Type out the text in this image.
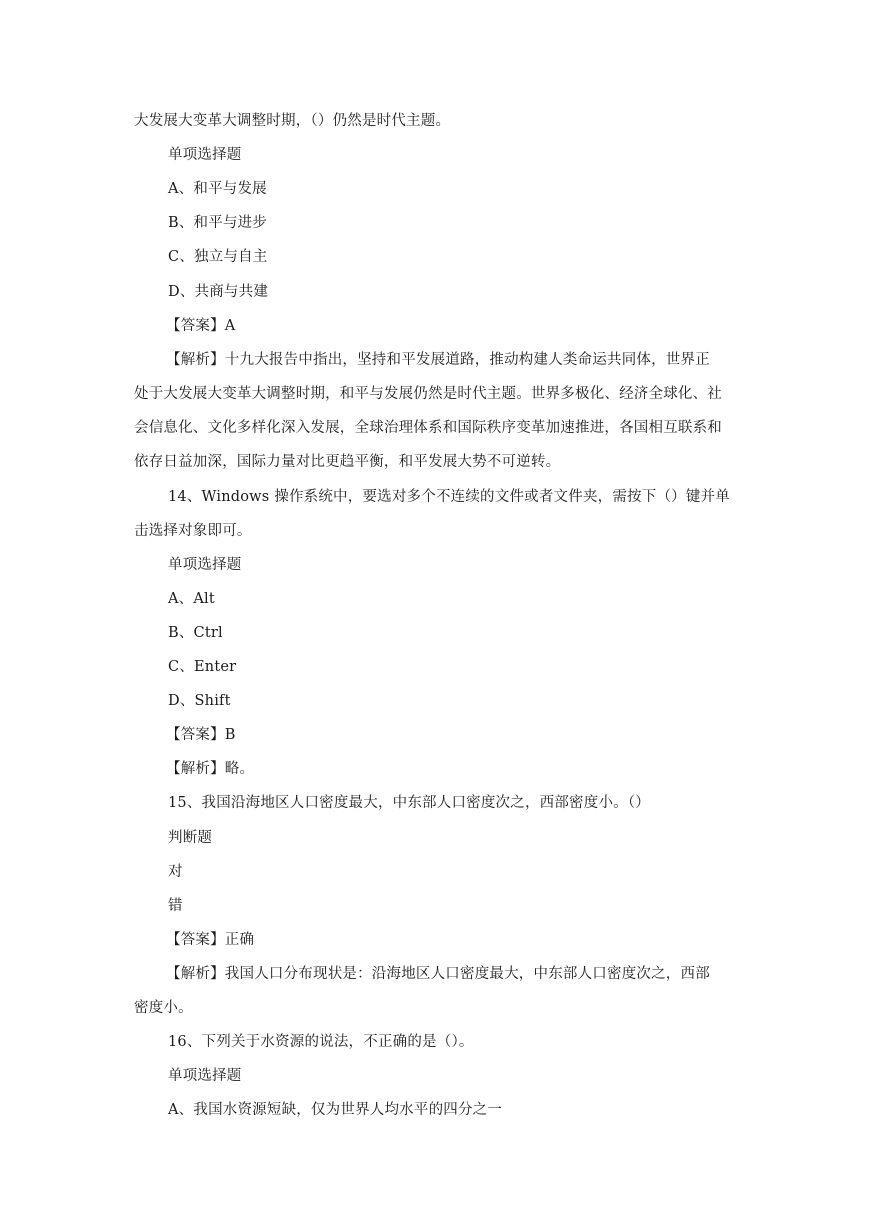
大发展大变革大调整时期，（）仍然是时代主题。
单项选择题
A、和平与发展
B、和平与进步
C、独立与自主
D、共商与共建
【答案】A
【解析】十九大报告中指出，坚持和平发展道路，推动构建人类命运共同体，世界正
处于大发展大变革大调整时期，和平与发展仍然是时代主题。世界多极化、经济全球化、社
会信息化、文化多样化深入发展，全球治理体系和国际秩序变革加速推进，各国相互联系和
依存日益加深，国际力量对比更趋平衡，和平发展大势不可逆转。
14、Windows 操作系统中，要选对多个不连续的文件或者文件夹，需按下（）键并单
击选择对象即可。
单项选择题
A、Alt
B、Ctrl
C、Enter
D、Shift
【答案】B
【解析】略。
15、我国沿海地区人口密度最大，中东部人口密度次之，西部密度小。（）
判断题
对
错
【答案】正确
【解析】我国人口分布现状是：沿海地区人口密度最大，中东部人口密度次之，西部
密度小。
16、下列关于水资源的说法，不正确的是（）。
单项选择题
A、我国水资源短缺，仅为世界人均水平的四分之一
